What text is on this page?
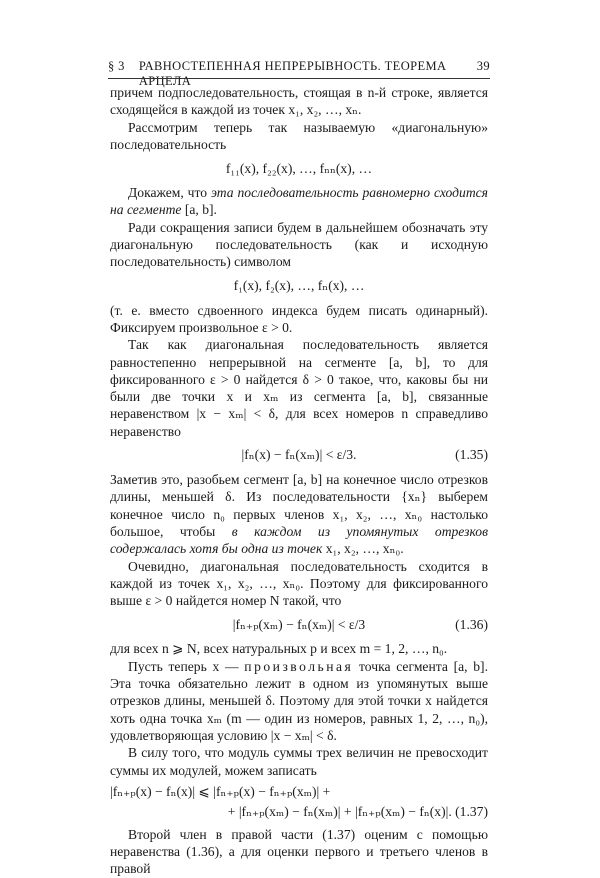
§ 3	РАВНОСТЕПЕННАЯ НЕПРЕРЫВНОСТЬ. ТЕОРЕМА АРЦЕЛА
39

причем подпоследовательность, стоящая в n-й строке, является сходящейся в каждой из точек x₁, x₂, …, xₙ.

Рассмотрим теперь так называемую «диагональную» последовательность

f₁₁(x), f₂₂(x), …, fₙₙ(x), …

Докажем, что эта последовательность равномерно сходится на сегменте [a, b].

Ради сокращения записи будем в дальнейшем обозначать эту диагональную последовательность (как и исходную последовательность) символом

f₁(x), f₂(x), …, fₙ(x), …

(т. е. вместо сдвоенного индекса будем писать одинарный). Фиксируем произвольное ε > 0.

Так как диагональная последовательность является равностепенно непрерывной на сегменте [a, b], то для фиксированного ε > 0 найдется δ > 0 такое, что, каковы бы ни были две точки x и xₘ из сегмента [a, b], связанные неравенством |x − xₘ| < δ, для всех номеров n справедливо неравенство

|fₙ(x) − fₙ(xₘ)| < ε/3.	(1.35)

Заметив это, разобьем сегмент [a, b] на конечное число отрезков длины, меньшей δ. Из последовательности {xₙ} выберем конечное число n₀ первых членов x₁, x₂, …, xₙ₀ настолько большое, чтобы в каждом из упомянутых отрезков содержалась хотя бы одна из точек x₁, x₂, …, xₙ₀.

Очевидно, диагональная последовательность сходится в каждой из точек x₁, x₂, …, xₙ₀. Поэтому для фиксированного выше ε > 0 найдется номер N такой, что

|fₙ₊ₚ(xₘ) − fₙ(xₘ)| < ε/3	(1.36)

для всех n ⩾ N, всех натуральных p и всех m = 1, 2, …, n₀.

Пусть теперь x — произвольная точка сегмента [a, b]. Эта точка обязательно лежит в одном из упомянутых выше отрезков длины, меньшей δ. Поэтому для этой точки x найдется хоть одна точка xₘ (m — один из номеров, равных 1, 2, …, n₀), удовлетворяющая условию |x − xₘ| < δ.

В силу того, что модуль суммы трех величин не превосходит суммы их модулей, можем записать

|fₙ₊ₚ(x) − fₙ(x)| ⩽ |fₙ₊ₚ(x) − fₙ₊ₚ(xₘ)| +
+ |fₙ₊ₚ(xₘ) − fₙ(xₘ)| + |fₙ₊ₚ(xₘ) − fₙ(x)|. (1.37)

Второй член в правой части (1.37) оценим с помощью неравенства (1.36), а для оценки первого и третьего членов в правой
